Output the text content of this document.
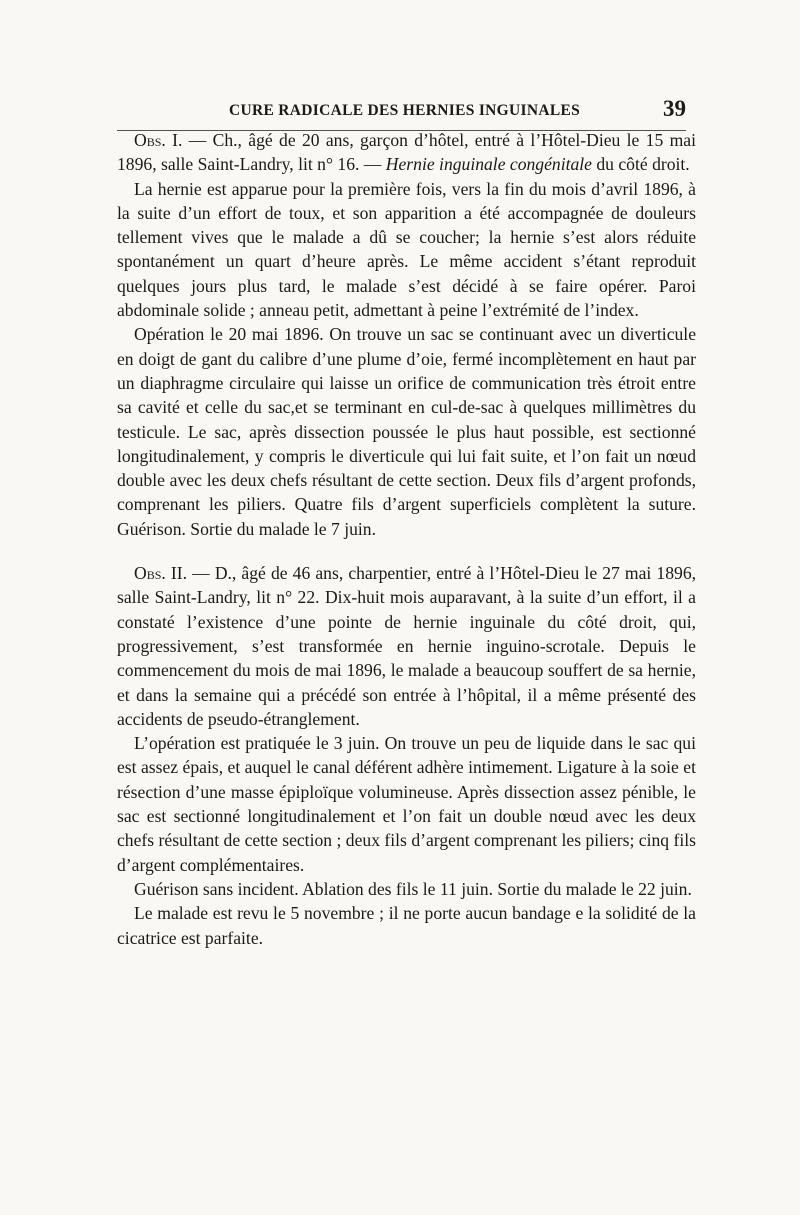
CURE RADICALE DES HERNIES INGUINALES	39

Obs. I. — Ch., âgé de 20 ans, garçon d’hôtel, entré à l’Hôtel-Dieu le 15 mai 1896, salle Saint-Landry, lit n° 16. — Hernie inguinale congénitale du côté droit.

La hernie est apparue pour la première fois, vers la fin du mois d’avril 1896, à la suite d’un effort de toux, et son apparition a été accompagnée de douleurs tellement vives que le malade a dû se coucher; la hernie s’est alors réduite spontanément un quart d’heure après. Le même accident s’étant reproduit quelques jours plus tard, le malade s’est décidé à se faire opérer. Paroi abdominale solide ; anneau petit, admettant à peine l’extrémité de l’index.

Opération le 20 mai 1896. On trouve un sac se continuant avec un diverticule en doigt de gant du calibre d’une plume d’oie, fermé incomplètement en haut par un diaphragme circulaire qui laisse un orifice de communication très étroit entre sa cavité et celle du sac,et se terminant en cul-de-sac à quelques millimètres du testicule. Le sac, après dissection poussée le plus haut possible, est sectionné longitudinalement, y compris le diverticule qui lui fait suite, et l’on fait un nœud double avec les deux chefs résultant de cette section. Deux fils d’argent profonds, comprenant les piliers. Quatre fils d’argent superficiels complètent la suture. Guérison. Sortie du malade le 7 juin.

Obs. II. — D., âgé de 46 ans, charpentier, entré à l’Hôtel-Dieu le 27 mai 1896, salle Saint-Landry, lit n° 22. Dix-huit mois auparavant, à la suite d’un effort, il a constaté l’existence d’une pointe de hernie inguinale du côté droit, qui, progressivement, s’est transformée en hernie inguino-scrotale. Depuis le commencement du mois de mai 1896, le malade a beaucoup souffert de sa hernie, et dans la semaine qui a précédé son entrée à l’hôpital, il a même présenté des accidents de pseudo-étranglement.

L’opération est pratiquée le 3 juin. On trouve un peu de liquide dans le sac qui est assez épais, et auquel le canal déférent adhère intimement. Ligature à la soie et résection d’une masse épiploïque volumineuse. Après dissection assez pénible, le sac est sectionné longitudinalement et l’on fait un double nœud avec les deux chefs résultant de cette section ; deux fils d’argent comprenant les piliers; cinq fils d’argent complémentaires.

Guérison sans incident. Ablation des fils le 11 juin. Sortie du malade le 22 juin.

Le malade est revu le 5 novembre ; il ne porte aucun bandage e la solidité de la cicatrice est parfaite.
